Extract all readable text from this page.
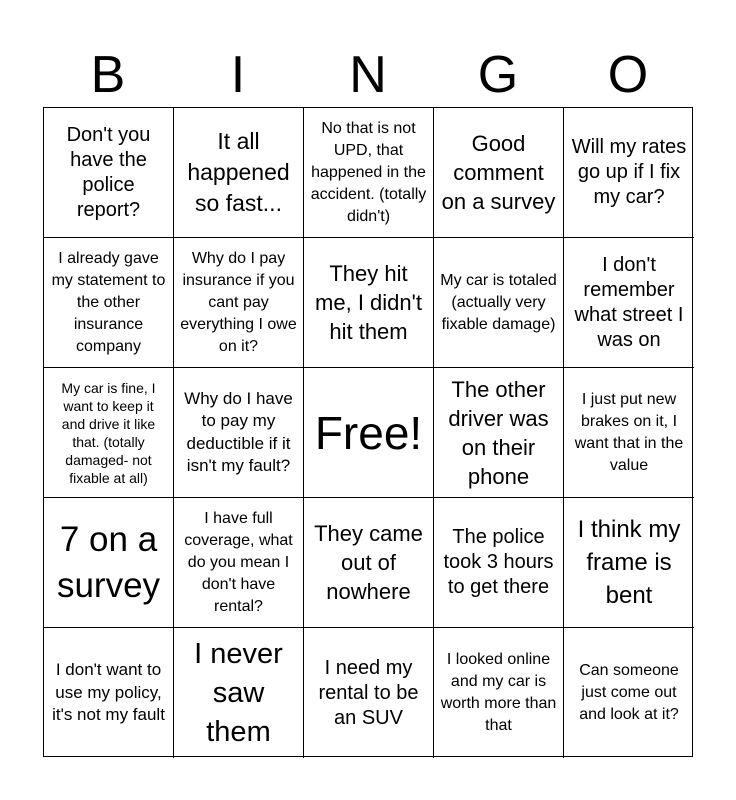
B	I	N	G	O
Don't you have the police report?
It all happened so fast...
No that is not UPD, that happened in the accident. (totally didn't)
Good comment on a survey
Will my rates go up if I fix my car?
I already gave my statement to the other insurance company
Why do I pay insurance if you cant pay everything I owe on it?
They hit me, I didn't hit them
My car is totaled (actually very fixable damage)
I don't remember what street I was on
My car is fine, I want to keep it and drive it like that. (totally damaged- not fixable at all)
Why do I have to pay my deductible if it isn't my fault?
Free!
The other driver was on their phone
I just put new brakes on it, I want that in the value
7 on a survey
I have full coverage, what do you mean I don't have rental?
They came out of nowhere
The police took 3 hours to get there
I think my frame is bent
I don't want to use my policy, it's not my fault
I never saw them
I need my rental to be an SUV
I looked online and my car is worth more than that
Can someone just come out and look at it?
